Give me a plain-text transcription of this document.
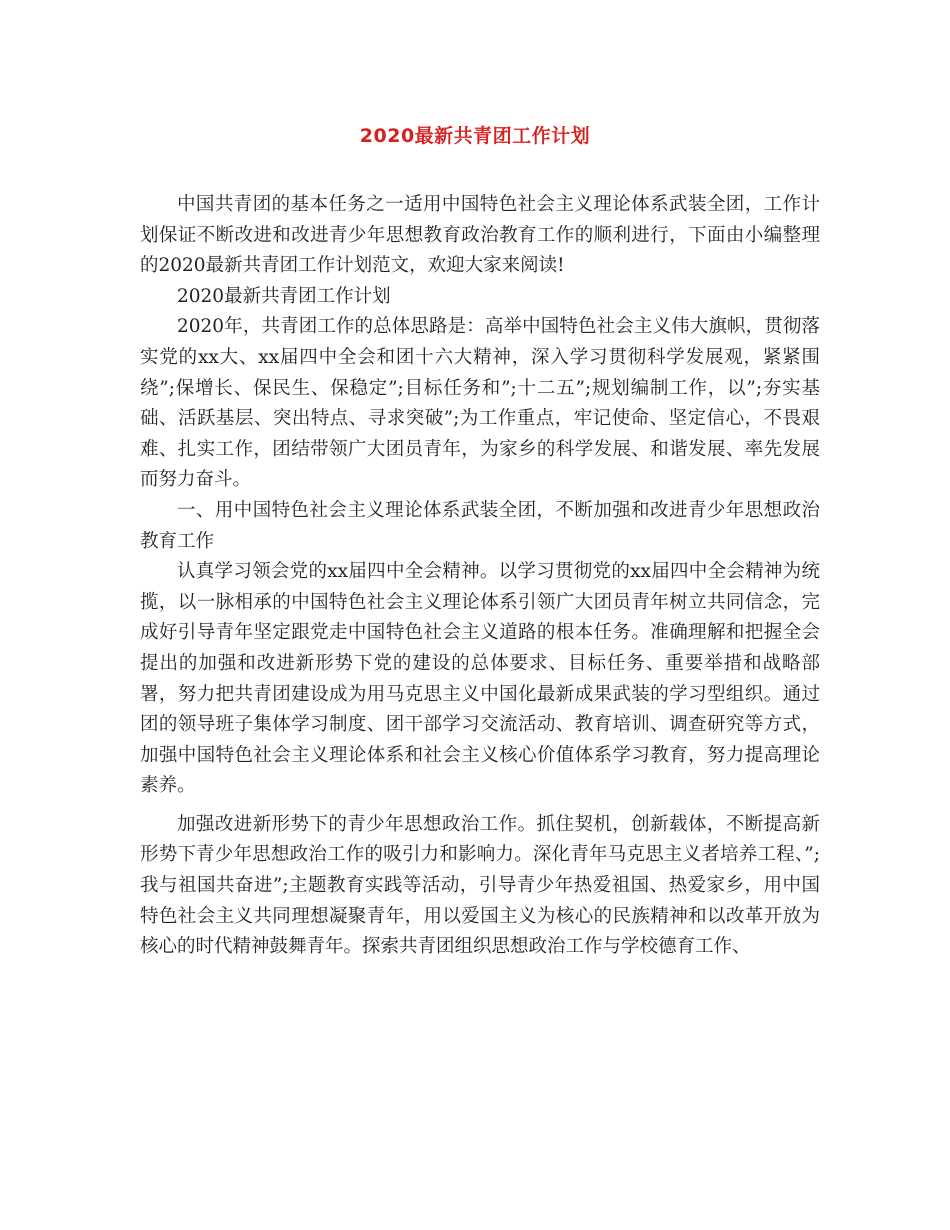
2020最新共青团工作计划

中国共青团的基本任务之一适用中国特色社会主义理论体系武装全团，工作计划保证不断改进和改进青少年思想教育政治教育工作的顺利进行，下面由小编整理的2020最新共青团工作计划范文，欢迎大家来阅读!

2020最新共青团工作计划

2020年，共青团工作的总体思路是：高举中国特色社会主义伟大旗帜，贯彻落实党的xx大、xx届四中全会和团十六大精神，深入学习贯彻科学发展观，紧紧围绕”;保增长、保民生、保稳定”;目标任务和”;十二五”;规划编制工作，以”;夯实基础、活跃基层、突出特点、寻求突破”;为工作重点，牢记使命、坚定信心，不畏艰难、扎实工作，团结带领广大团员青年，为家乡的科学发展、和谐发展、率先发展而努力奋斗。

一、用中国特色社会主义理论体系武装全团，不断加强和改进青少年思想政治教育工作

认真学习领会党的xx届四中全会精神。以学习贯彻党的xx届四中全会精神为统揽，以一脉相承的中国特色社会主义理论体系引领广大团员青年树立共同信念，完成好引导青年坚定跟党走中国特色社会主义道路的根本任务。准确理解和把握全会提出的加强和改进新形势下党的建设的总体要求、目标任务、重要举措和战略部署，努力把共青团建设成为用马克思主义中国化最新成果武装的学习型组织。通过团的领导班子集体学习制度、团干部学习交流活动、教育培训、调查研究等方式，加强中国特色社会主义理论体系和社会主义核心价值体系学习教育，努力提高理论素养。

加强改进新形势下的青少年思想政治工作。抓住契机，创新载体，不断提高新形势下青少年思想政治工作的吸引力和影响力。深化青年马克思主义者培养工程、”;我与祖国共奋进”;主题教育实践等活动，引导青少年热爱祖国、热爱家乡，用中国特色社会主义共同理想凝聚青年，用以爱国主义为核心的民族精神和以改革开放为核心的时代精神鼓舞青年。探索共青团组织思想政治工作与学校德育工作、
